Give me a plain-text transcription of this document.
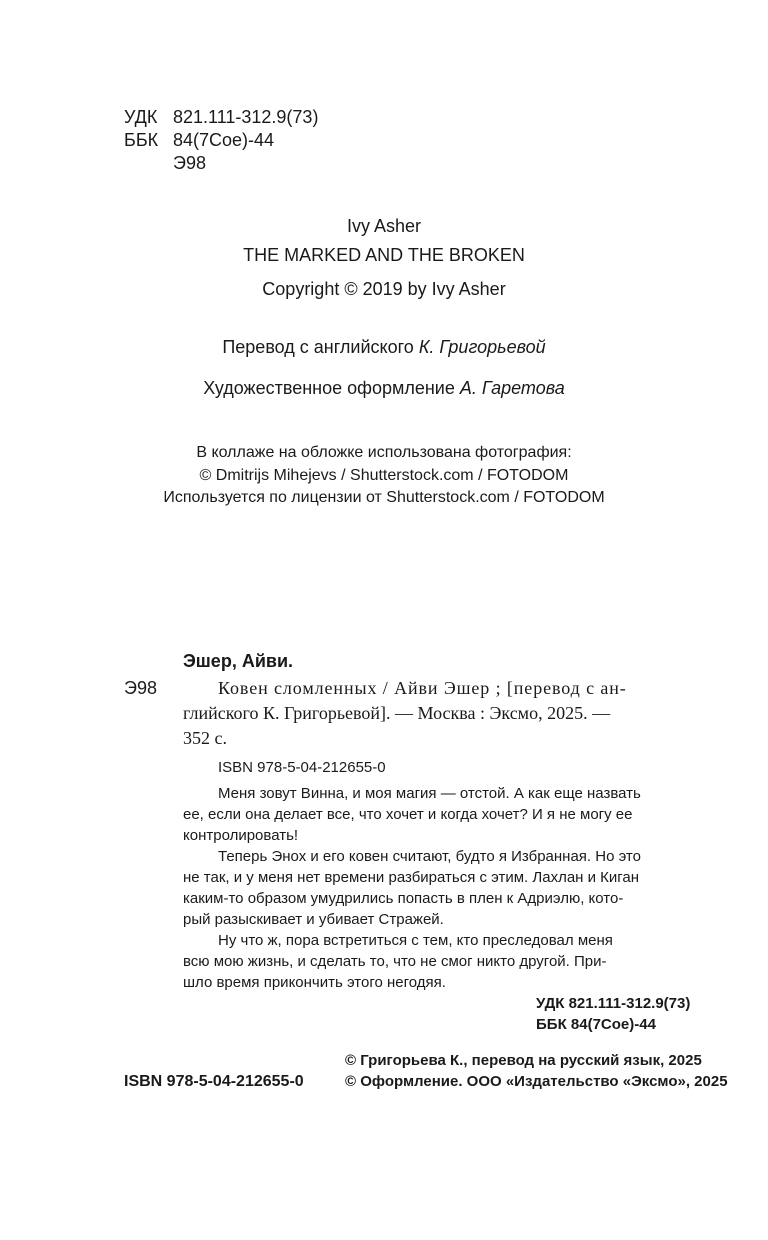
УДК 821.111-312.9(73)
ББК 84(7Сое)-44
Э98
Ivy Asher
THE MARKED AND THE BROKEN
Copyright © 2019 by Ivy Asher
Перевод с английского К. Григорьевой
Художественное оформление А. Гаретова
В коллаже на обложке использована фотография:
© Dmitrijs Mihejevs / Shutterstock.com / FOTODOM
Используется по лицензии от Shutterstock.com / FOTODOM
Эшер, Айви.
Э98	Ковен сломленных / Айви Эшер ; [перевод с ан-
глийского К. Григорьевой]. — Москва : Эксмо, 2025. —
352 с.
ISBN 978-5-04-212655-0
Меня зовут Винна, и моя магия — отстой. А как еще назвать
ее, если она делает все, что хочет и когда хочет? И я не могу ее
контролировать!
Теперь Энох и его ковен считают, будто я Избранная. Но это
не так, и у меня нет времени разбираться с этим. Лахлан и Киган
каким-то образом умудрились попасть в плен к Адриэлю, кото-
рый разыскивает и убивает Стражей.
Ну что ж, пора встретиться с тем, кто преследовал меня
всю мою жизнь, и сделать то, что не смог никто другой. При-
шло время прикончить этого негодяя.
УДК 821.111-312.9(73)
ББК 84(7Сое)-44
ISBN 978-5-04-212655-0
© Григорьева К., перевод на русский язык, 2025
© Оформление. ООО «Издательство «Эксмо», 2025
